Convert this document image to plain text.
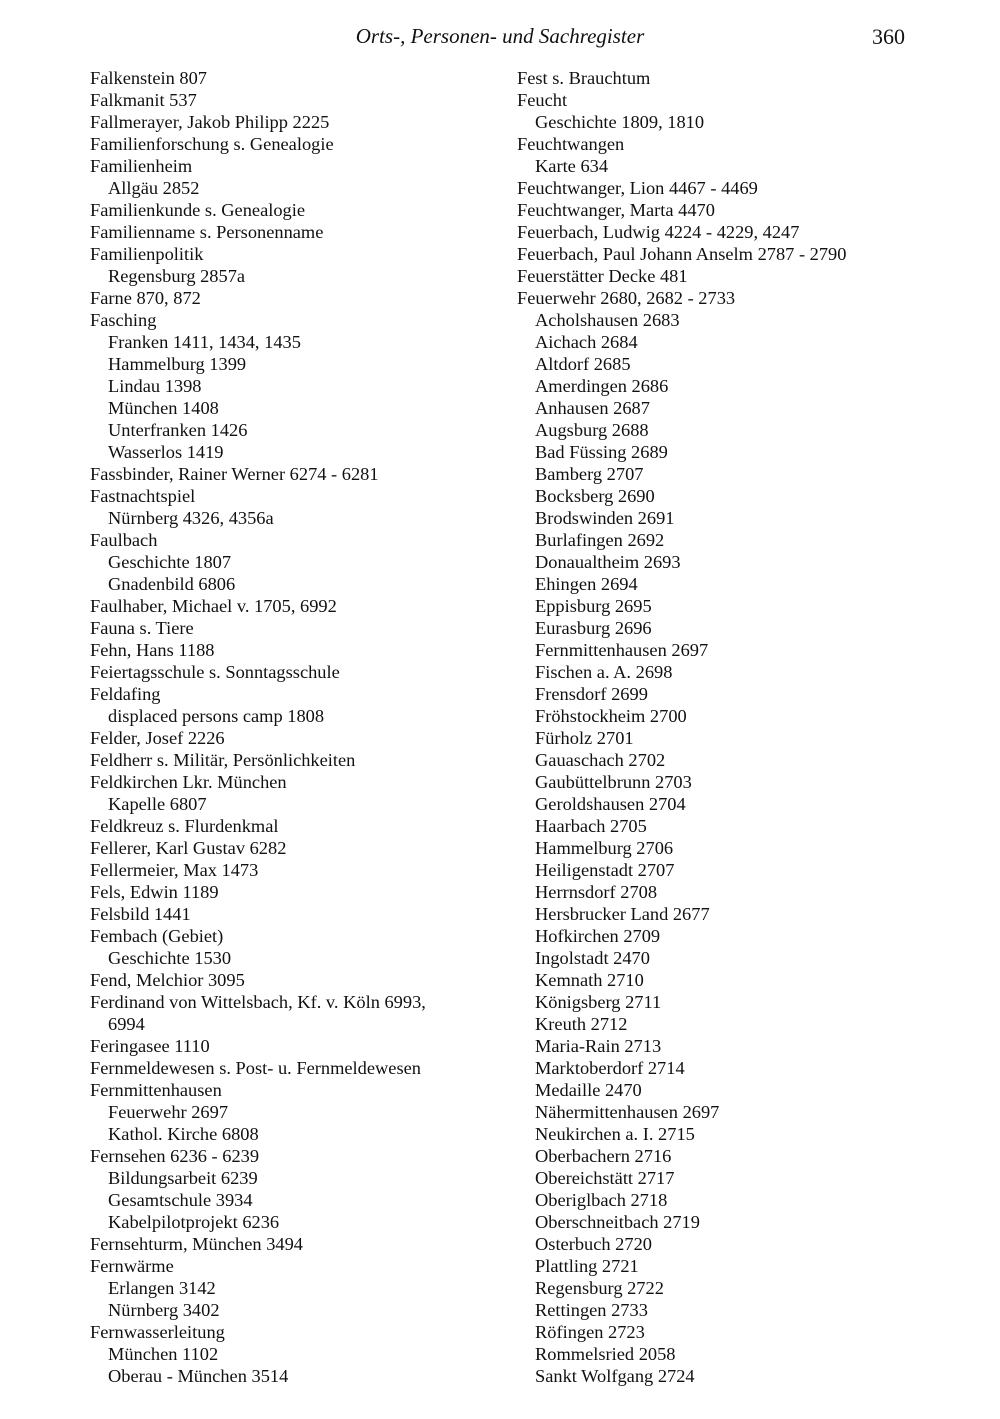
Orts-, Personen- und Sachregister	360
Falkenstein 807
Falkmanit 537
Fallmerayer, Jakob Philipp 2225
Familienforschung s. Genealogie
Familienheim
Allgäu 2852
Familienkunde s. Genealogie
Familienname s. Personenname
Familienpolitik
Regensburg 2857a
Farne 870, 872
Fasching
Franken 1411, 1434, 1435
Hammelburg 1399
Lindau 1398
München 1408
Unterfranken 1426
Wasserlos 1419
Fassbinder, Rainer Werner 6274 - 6281
Fastnachtspiel
Nürnberg 4326, 4356a
Faulbach
Geschichte 1807
Gnadenbild 6806
Faulhaber, Michael v. 1705, 6992
Fauna s. Tiere
Fehn, Hans 1188
Feiertagsschule s. Sonntagsschule
Feldafing
displaced persons camp 1808
Felder, Josef 2226
Feldherr s. Militär, Persönlichkeiten
Feldkirchen Lkr. München
Kapelle 6807
Feldkreuz s. Flurdenkmal
Fellerer, Karl Gustav 6282
Fellermeier, Max 1473
Fels, Edwin 1189
Felsbild 1441
Fembach (Gebiet)
Geschichte 1530
Fend, Melchior 3095
Ferdinand von Wittelsbach, Kf. v. Köln 6993,
6994
Feringasee 1110
Fernmeldewesen s. Post- u. Fernmeldewesen
Fernmittenhausen
Feuerwehr 2697
Kathol. Kirche 6808
Fernsehen 6236 - 6239
Bildungsarbeit 6239
Gesamtschule 3934
Kabelpilotprojekt 6236
Fernsehturm, München 3494
Fernwärme
Erlangen 3142
Nürnberg 3402
Fernwasserleitung
München 1102
Oberau - München 3514
Fest s. Brauchtum
Feucht
Geschichte 1809, 1810
Feuchtwangen
Karte 634
Feuchtwanger, Lion 4467 - 4469
Feuchtwanger, Marta 4470
Feuerbach, Ludwig 4224 - 4229, 4247
Feuerbach, Paul Johann Anselm 2787 - 2790
Feuerstätter Decke 481
Feuerwehr 2680, 2682 - 2733
Acholshausen 2683
Aichach 2684
Altdorf 2685
Amerdingen 2686
Anhausen 2687
Augsburg 2688
Bad Füssing 2689
Bamberg 2707
Bocksberg 2690
Brodswinden 2691
Burlafingen 2692
Donaualtheim 2693
Ehingen 2694
Eppisburg 2695
Eurasburg 2696
Fernmittenhausen 2697
Fischen a. A. 2698
Frensdorf 2699
Fröhstockheim 2700
Fürholz 2701
Gauaschach 2702
Gaubüttelbrunn 2703
Geroldshausen 2704
Haarbach 2705
Hammelburg 2706
Heiligenstadt 2707
Herrnsdorf 2708
Hersbrucker Land 2677
Hofkirchen 2709
Ingolstadt 2470
Kemnath 2710
Königsberg 2711
Kreuth 2712
Maria-Rain 2713
Marktoberdorf 2714
Medaille 2470
Nähermittenhausen 2697
Neukirchen a. I. 2715
Oberbachern 2716
Obereichstätt 2717
Oberiglbach 2718
Oberschneitbach 2719
Osterbuch 2720
Plattling 2721
Regensburg 2722
Rettingen 2733
Röfingen 2723
Rommelsried 2058
Sankt Wolfgang 2724
